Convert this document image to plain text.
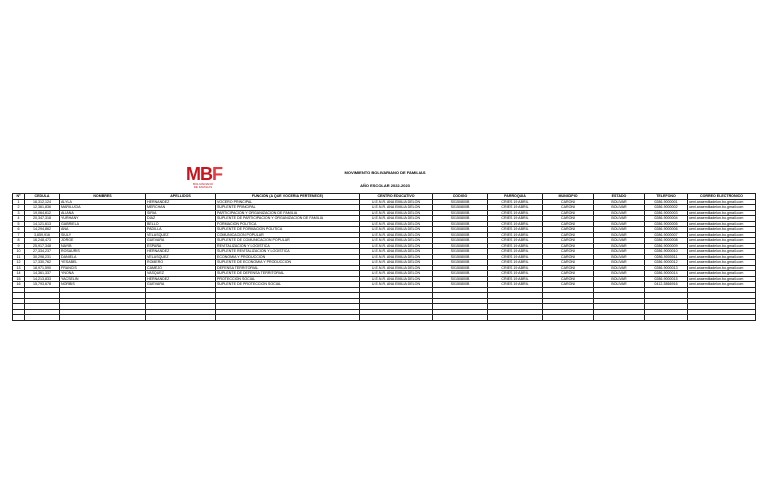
M B F
BOLIVARIANO
DE FAMILIAS
MOVIMIENTO BOLIVARIANO DE FAMILIAS
AÑO ESCOLAR 2022-2023
Nº	CEDULA	NOMBRES	APELLIDOS	FUNCIÓN (A QUE VOCERIA PERTENECE)	CENTRO EDUCATIVO	CODIGO	PARROQUIA	MUNICIPIO	ESTADO	TELEFONO	CORREO ELECTRONICO
1	16,312,124	ALYLA	HERNANDEZ	VOCERO PRINCIPAL	U.E.N.R. ANA EMILIA DELON	S0150800B	CRIES 19 ABRIL	CARONI	BOLIVAR	0286-9000001	ueni.anaemiliadelon.bo.gmail.com
2	12,361,836	MARILUCIA	MERCHAN	SUPLENTE PRINCIPAL	U.E.N.R. ANA EMILIA DELON	S0150800B	CRIES 19 ABRIL	CARONI	BOLIVAR	0286-9000002	ueni.anaemiliadelon.bo.gmail.com
3	19,064,612	ALIANA	SIRIA	PARTICIPACION Y ORGANIZACION DE FAMILIA	U.E.N.R. ANA EMILIA DELON	S0150800B	CRIES 19 ABRIL	CARONI	BOLIVAR	0286-9000003	ueni.anaemiliadelon.bo.gmail.com
4	20,347,318	YURHANY	DIAZ	SUPLENTE DE PARTICIPACION Y ORGANIZACION DE FAMILIA	U.E.N.R. ANA EMILIA DELON	S0150800B	CRIES 19 ABRIL	CARONI	BOLIVAR	0286-9000004	ueni.anaemiliadelon.bo.gmail.com
5	14,121,613	GABRIELA	BELLO	FORMACION POLITICA	U.E.N.R. ANA EMILIA DELON	S0150800B	CRIES 19 ABRIL	CARONI	BOLIVAR	0286-9000005	ueni.anaemiliadelon.bo.gmail.com
6	14,294,862	ANA	PADILLA	SUPLENTE DE FORMACION POLITICA	U.E.N.R. ANA EMILIA DELON	S0150800B	CRIES 19 ABRIL	CARONI	BOLIVAR	0286-9000006	ueni.anaemiliadelon.bo.gmail.com
7	3,659,916	SIULY	VELASQUEZ	COMUNICACION POPULAR	U.E.N.R. ANA EMILIA DELON	S0150800B	CRIES 19 ABRIL	CARONI	BOLIVAR	0286-9000007	ueni.anaemiliadelon.bo.gmail.com
8	16,248,473	JORGE	GUEVARA	SUPLENTE DE COMUNICACION POPULAR	U.E.N.R. ANA EMILIA DELON	S0150800B	CRIES 19 ABRIL	CARONI	BOLIVAR	0286-9000008	ueni.anaemiliadelon.bo.gmail.com
9	25,917,348	NAYIB	ESPAÑA	REVITALIZACION Y LOGISTICA	U.E.N.R. ANA EMILIA DELON	S0150800B	CRIES 19 ABRIL	CARONI	BOLIVAR	0286-9000009	ueni.anaemiliadelon.bo.gmail.com
10	27,334,237	ROSAURIS	HERNANDEZ	SUPLENTE REVITALIZACION Y LOGISTICA	U.E.N.R. ANA EMILIA DELON	S0150800B	CRIES 19 ABRIL	CARONI	BOLIVAR	0286-9000010	ueni.anaemiliadelon.bo.gmail.com
11	30,298,231	DANIELA	VELASQUEZ	ECONOMIA Y PRODUCCION	U.E.N.R. ANA EMILIA DELON	S0150800B	CRIES 19 ABRIL	CARONI	BOLIVAR	0286-9000011	ueni.anaemiliadelon.bo.gmail.com
12	17,330,762	YESABEL	ROMERO	SUPLENTE DE ECONOMIA Y PRODUCCION	U.E.N.R. ANA EMILIA DELON	S0150800B	CRIES 19 ABRIL	CARONI	BOLIVAR	0286-9000012	ueni.anaemiliadelon.bo.gmail.com
13	18,971,590	FRANCIS	CAMEJO	DEFENSA TERRITORIAL	U.E.N.R. ANA EMILIA DELON	S0150800B	CRIES 19 ABRIL	CARONI	BOLIVAR	0286-9000013	ueni.anaemiliadelon.bo.gmail.com
14	14,361,337	YNONA	VASQUEZ	SUPLENTE DE DEFENSA TERRITORIAL	U.E.N.R. ANA EMILIA DELON	S0150800B	CRIES 19 ABRIL	CARONI	BOLIVAR	0286-9000014	ueni.anaemiliadelon.bo.gmail.com
15	14,213,833	YACSELIN	HERNANDEZ	PROTECCION SOCIAL	U.E.N.R. ANA EMILIA DELON	S0150800B	CRIES 19 ABRIL	CARONI	BOLIVAR	0286-9000015	ueni.anaemiliadelon.bo.gmail.com
16	15,793,678	NORBIS	GUEVARA	SUPLENTE DE PROTECCION SOCIAL	U.E.N.R. ANA EMILIA DELON	S0150800B	CRIES 19 ABRIL	CARONI	BOLIVAR	0412-5866916	ueni.anaemiliadelon.bo.gmail.com
